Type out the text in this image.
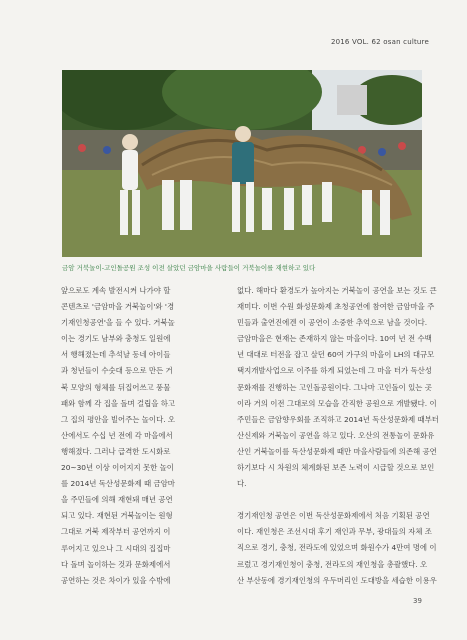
2016 VOL. 62 osan culture
금암 거북놀이-고인돌공원 조성 이전 살았던 금암마을 사람들이 거북놀이를 재현하고 있다

앞으로도 계속 발전시켜 나가야 할

콘텐츠로 '금암마을 거북놀이'와 '경

기재인청공연'을 들 수 있다. 거북놀

이는 경기도 남부와 충청도 일원에

서 행해졌는데 추석날 동네 아이들

과 청년들이 수숫대 등으로 만든 거

북 모양의 형체를 뒤집어쓰고 풍물

패와 함께 각 집을 돌며 걸립을 하고

그 집의 평안을 빌어주는 놀이다. 오

산에서도 수십 년 전에 각 마을에서

행해졌다. 그러나 급격한 도시화로

20~30년 이상 이어지지 못한 놀이

를 2014년 독산성문화제 때 금암마

을 주민들에 의해 재현돼 매년 공연

되고 있다. 재현된 거북놀이는 원형

그대로 거북 제작부터 공연까지 이

루어지고 있으나 그 시대의 집집마

다 돌며 놀이하는 것과 문화제에서

공연하는 것은 차이가 있을 수밖에

없다. 해마다 환경도가 높아지는 거북놀이 공연을 보는 것도 큰

재미다. 이번 수원 화성문화제 초청공연에 참여한 금암마을 주

민들과 출연진에겐 이 공연이 소중한 추억으로 남을 것이다.

금암마을은 현재는 존재하지 않는 마을이다. 10여 년 전 수백

년 대대로 터전을 잡고 살던 60여 가구의 마을이 LH의 대규모

택지개발사업으로 이주를 하게 되었는데 그 마을 터가 독산성

문화재를 진행하는 고인돌공원이다. 그나마 고인돌이 있는 곳

이라 거의 이전 그대로의 모습을 간직한 공원으로 개발됐다. 이

주민들은 금암향우회를 조직하고 2014년 독산성문화제 때부터

산신제와 거북놀이 공연을 하고 있다. 오산의 전통놀이 문화유

산인 거북놀이를 독산성문화제 때만 마을사람들에 의존해 공연

하기보다 시 차원의 체계화된 보존 노력이 시급할 것으로 보인

다.

경기재인청 공연은 이번 독산성문화제에서 처음 기획된 공연

이다. 재인청은 조선시대 후기 재인과 무부, 광대들의 자체 조

직으로 경기, 충청, 전라도에 있었으며 화원수가 4만여 명에 이

르렀고 경기재인청이 충청, 전라도의 재인청을 총괄했다. 오

산 부산동에 경기재인청의 우두머리인 도대방을 세습한 이용우

39
